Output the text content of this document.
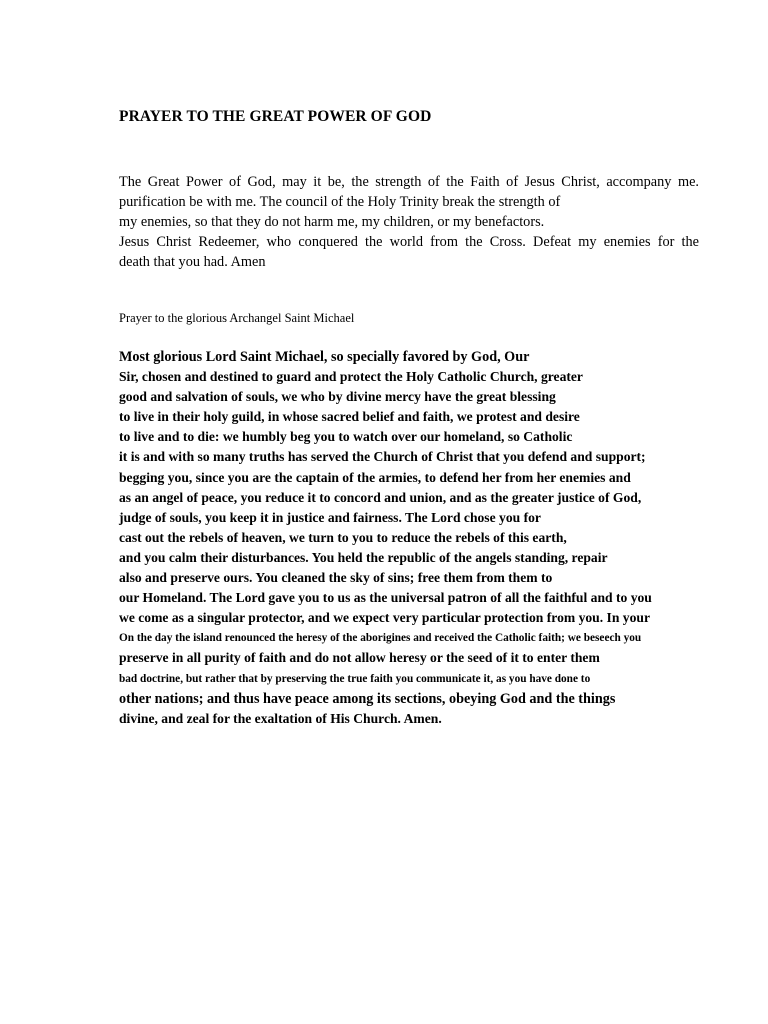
PRAYER TO THE GREAT POWER OF GOD
The Great Power of God, may it be, the strength of the Faith of Jesus Christ, accompany me.
purification be with me. The council of the Holy Trinity break the strength of
my enemies, so that they do not harm me, my children, or my benefactors.
Jesus Christ Redeemer, who conquered the world from the Cross. Defeat my enemies for the
death that you had. Amen
Prayer to the glorious Archangel Saint Michael
Most glorious Lord Saint Michael, so specially favored by God, Our
Sir, chosen and destined to guard and protect the Holy Catholic Church, greater
good and salvation of souls, we who by divine mercy have the great blessing
to live in their holy guild, in whose sacred belief and faith, we protest and desire
to live and to die: we humbly beg you to watch over our homeland, so Catholic
it is and with so many truths has served the Church of Christ that you defend and support;
begging you, since you are the captain of the armies, to defend her from her enemies and
as an angel of peace, you reduce it to concord and union, and as the greater justice of God,
judge of souls, you keep it in justice and fairness. The Lord chose you for
cast out the rebels of heaven, we turn to you to reduce the rebels of this earth,
and you calm their disturbances. You held the republic of the angels standing, repair
also and preserve ours. You cleaned the sky of sins; free them from them to
our Homeland. The Lord gave you to us as the universal patron of all the faithful and to you
we come as a singular protector, and we expect very particular protection from you. In your
On the day the island renounced the heresy of the aborigines and received the Catholic faith; we beseech you
preserve in all purity of faith and do not allow heresy or the seed of it to enter them
bad doctrine, but rather that by preserving the true faith you communicate it, as you have done to
other nations; and thus have peace among its sections, obeying God and the things
divine, and zeal for the exaltation of His Church. Amen.
